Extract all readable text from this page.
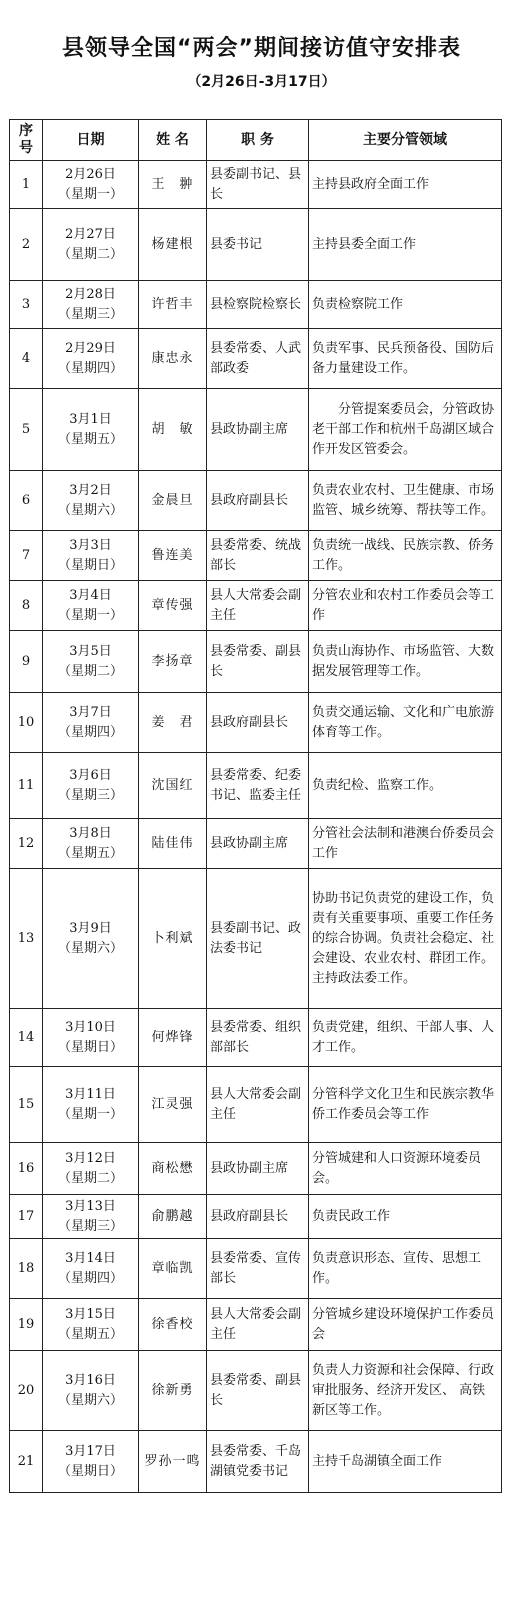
县领导全国“两会”期间接访值守安排表
（2月26日-3月17日）
序号	日期	姓 名	职 务	主要分管领域
1	2月26日
（星期一）	王　翀	县委副书记、县长	主持县政府全面工作
2	2月27日
（星期二）	杨建根	县委书记	主持县委全面工作
3	2月28日
（星期三）	许哲丰	县检察院检察长	负责检察院工作
4	2月29日
（星期四）	康忠永	县委常委、人武部政委	负责军事、民兵预备役、国防后备力量建设工作。
5	3月1日
（星期五）	胡　敏	县政协副主席	　　分管提案委员会，分管政协老干部工作和杭州千岛湖区域合作开发区管委会。
6	3月2日
（星期六）	金晨旦	县政府副县长	负责农业农村、卫生健康、市场监管、城乡统筹、帮扶等工作。
7	3月3日
（星期日）	鲁连美	县委常委、统战部长	负责统一战线、民族宗教、侨务工作。
8	3月4日
（星期一）	章传强	县人大常委会副主任	分管农业和农村工作委员会等工作
9	3月5日
（星期二）	李扬章	县委常委、副县长	负责山海协作、市场监管、大数据发展管理等工作。
10	3月7日
（星期四）	姜　君	县政府副县长	负责交通运输、文化和广电旅游体育等工作。
11	3月6日
（星期三）	沈国红	县委常委、纪委书记、监委主任	负责纪检、监察工作。
12	3月8日
（星期五）	陆佳伟	县政协副主席	分管社会法制和港澳台侨委员会工作
13	3月9日
（星期六）	卜利斌	县委副书记、政法委书记	协助书记负责党的建设工作，负责有关重要事项、重要工作任务的综合协调。负责社会稳定、社会建设、农业农村、群团工作。主持政法委工作。
14	3月10日
（星期日）	何烨锋	县委常委、组织部部长	负责党建，组织、干部人事、人才工作。
15	3月11日
（星期一）	江灵强	县人大常委会副主任	分管科学文化卫生和民族宗教华侨工作委员会等工作
16	3月12日
（星期二）	商松懋	县政协副主席	分管城建和人口资源环境委员会。
17	3月13日
（星期三）	俞鹏越	县政府副县长	负责民政工作
18	3月14日
（星期四）	章临凯	县委常委、宣传部长	负责意识形态、宣传、思想工作。
19	3月15日
（星期五）	徐香校	县人大常委会副主任	分管城乡建设环境保护工作委员会
20	3月16日
（星期六）	徐新勇	县委常委、副县长	负责人力资源和社会保障、行政审批服务、经济开发区、 高铁新区等工作。
21	3月17日
（星期日）	罗孙一鸣	县委常委、千岛湖镇党委书记	主持千岛湖镇全面工作
